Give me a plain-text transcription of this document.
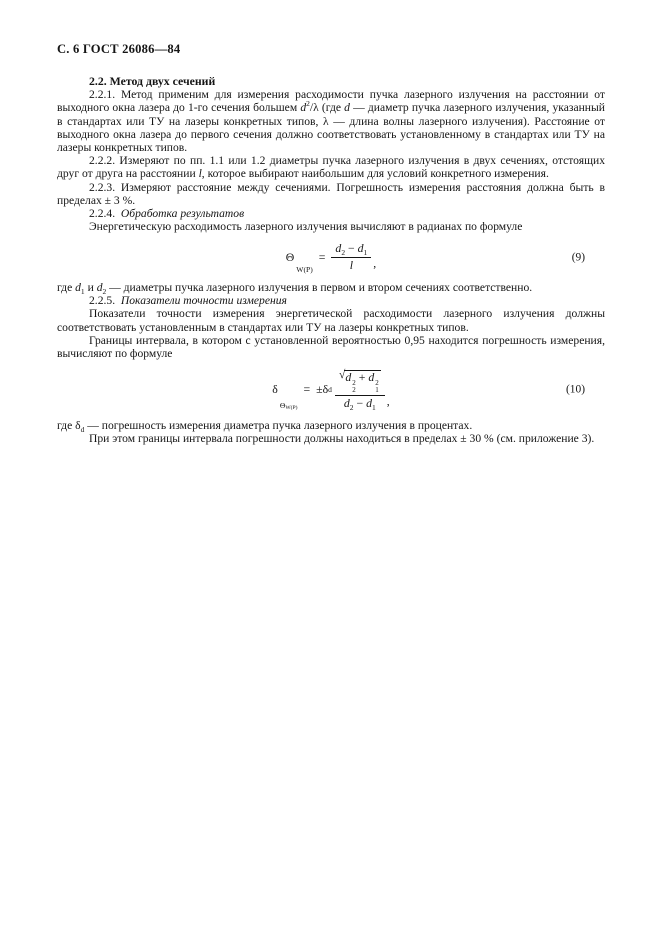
С. 6 ГОСТ 26086—84
2.2. Метод двух сечений

2.2.1. Метод применим для измерения расходимости пучка лазерного излучения на расстоянии от выходного окна лазера до 1-го сечения большем $d^2/\lambda$ (где d — диаметр пучка лазерного излучения, указанный в стандартах или ТУ на лазеры конкретных типов, λ — длина волны лазерного излучения). Расстояние от выходного окна лазера до первого сечения должно соответствовать установленному в стандартах или ТУ на лазеры конкретных типов.

2.2.2. Измеряют по пп. 1.1 или 1.2 диаметры пучка лазерного излучения в двух сечениях, отстоящих друг от друга на расстоянии l, которое выбирают наибольшим для условий конкретного измерения.

2.2.3. Измеряют расстояние между сечениями. Погрешность измерения расстояния должна быть в пределах ± 3 %.

2.2.4. Обработка результатов

Энергетическую расходимость лазерного излучения вычисляют в радианах по формуле

Θ
W(P)
= $\frac{d_2 - d_1}{l}$ ,	(9)

где $d_1$ и $d_2$ — диаметры пучка лазерного излучения в первом и втором сечениях соответственно.

2.2.5. Показатели точности измерения

Показатели точности измерения энергетической расходимости лазерного излучения должны соответствовать установленным в стандартах или ТУ на лазеры конкретных типов.

Границы интервала, в котором с установленной вероятностью 0,95 находится погрешность измерения, вычисляют по формуле

δ
$\Theta_{W(P)}$
= ±δ d
√ d 2
2
+ d 2
1
$d_2 - d_1$ ,
(10)

где $\delta_d$ — погрешность измерения диаметра пучка лазерного излучения в процентах.

При этом границы интервала погрешности должны находиться в пределах ± 30 % (см. приложение 3).
